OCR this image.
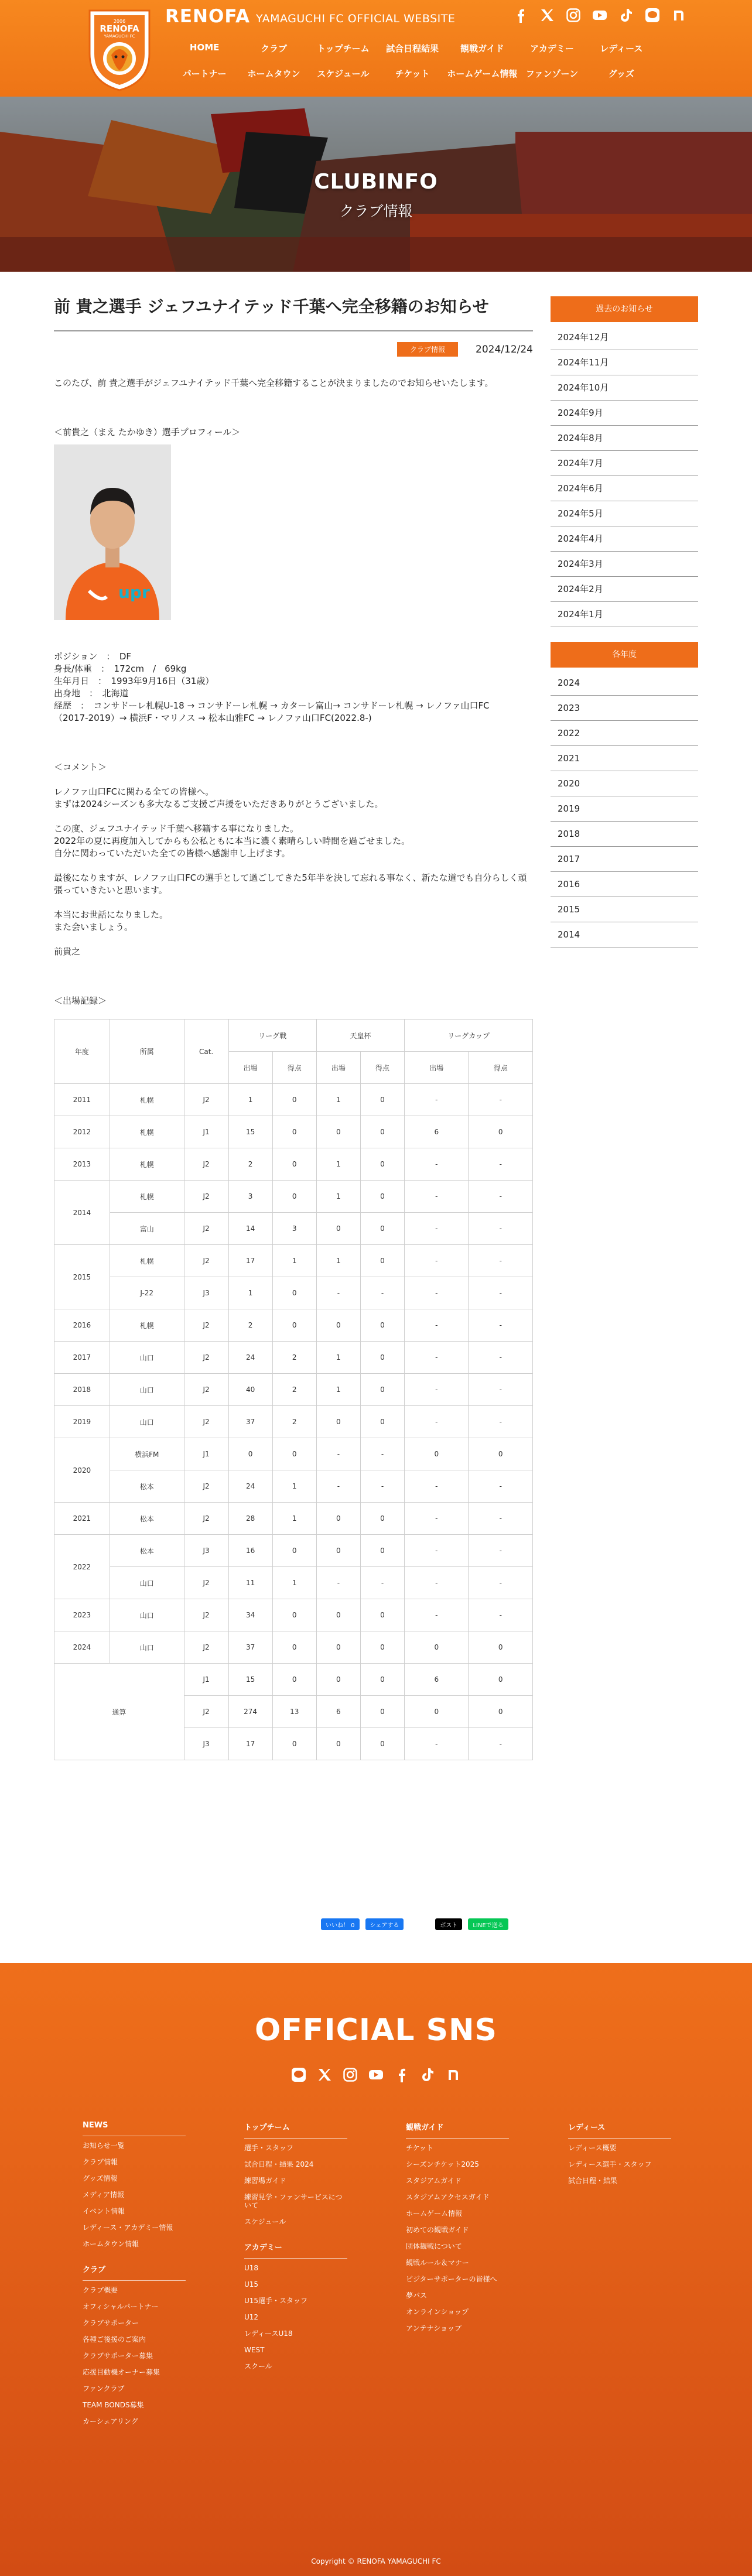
2006
RENOFA
YAMAGUCHI FC
RENOFA YAMAGUCHI FC OFFICIAL WEBSITE
HOME	クラブ	トップチーム	試合日程結果	観戦ガイド	アカデミー	レディース
パートナー	ホームタウン	スケジュール	チケット	ホームゲーム情報 ファンゾーン	グッズ
CLUBINFO
クラブ情報
前 貴之選手 ジェフユナイテッド千葉へ完全移籍のお知らせ
クラブ情報	2024/12/24

このたび、前 貴之選手がジェフユナイテッド千葉へ完全移籍することが決まりましたのでお知らせいたします。

＜前貴之（まえ たかゆき）選手プロフィール＞

upr

ポジション　：　DF

身長/体重　：　172cm　/　69kg

生年月日　：　1993年9月16日（31歳）

出身地　：　北海道

経歴　：　コンサドーレ札幌U-18 → コンサドーレ札幌 → カターレ富山→ コンサドーレ札幌 → レノファ山口FC

（2017-2019）→ 横浜F・マリノス → 松本山雅FC → レノファ山口FC(2022.8-)

＜コメント＞

レノファ山口FCに関わる全ての皆様へ。

まずは2024シーズンも多大なるご支援ご声援をいただきありがとうございました。

この度、ジェフユナイテッド千葉へ移籍する事になりました。

2022年の夏に再度加入してからも公私ともに本当に濃く素晴らしい時間を過ごせました。

自分に関わっていただいた全ての皆様へ感謝申し上げます。

最後になりますが、レノファ山口FCの選手として過ごしてきた5年半を決して忘れる事なく、新たな道でも自分らしく頑張っていきたいと思います。

本当にお世話になりました。

また会いましょう。

前貴之

＜出場記録＞

年度	所属	Cat.	リーグ戦		天皇杯		リーグカップ	
			出場	得点	出場	得点	出場	得点
2011	札幌	J2	1	0	1	0	-	-
2012	札幌	J1	15	0	0	0	6	0
2013	札幌	J2	2	0	1	0	-	-
2014	札幌	J2	3	0	1	0	-	-
	富山	J2	14	3	0	0	-	-
2015	札幌	J2	17	1	1	0	-	-
	J-22	J3	1	0	-	-	-	-
2016	札幌	J2	2	0	0	0	-	-
2017	山口	J2	24	2	1	0	-	-
2018	山口	J2	40	2	1	0	-	-
2019	山口	J2	37	2	0	0	-	-
2020	横浜FM	J1	0	0	-	-	0	0
	松本	J2	24	1	-	-	-	-
2021	松本	J2	28	1	0	0	-	-
2022	松本	J3	16	0	0	0	-	-
	山口	J2	11	1	-	-	-	-
2023	山口	J2	34	0	0	0	-	-
2024	山口	J2	37	0	0	0	0	0
通算		J1	15	0	0	0	6	0
		J2	274	13	6	0	0	0
		J3	17	0	0	0	-	-
いいね！ 0	シェアする	ポスト	LINEで送る
過去のお知らせ
2024年12月
2024年11月
2024年10月
2024年9月
2024年8月
2024年7月
2024年6月
2024年5月
2024年4月
2024年3月
2024年2月
2024年1月
各年度
2024
2023
2022
2021
2020
2019
2018
2017
2016
2015
2014
OFFICIAL SNS
NEWS
お知らせ一覧
クラブ情報
グッズ情報
メディア情報
イベント情報
レディース・アカデミー情報
ホームタウン情報
クラブ
クラブ概要
オフィシャルパートナー
クラブサポーター
各種ご後援のご案内
クラブサポーター募集
応援目動機オーナー募集
ファンクラブ
TEAM BONDS募集
カーシェアリング
トップチーム
選手・スタッフ
試合日程・結果 2024
練習場ガイド
練習見学・ファンサービスについて
スケジュール
アカデミー
U18
U15
U15選手・スタッフ
U12
レディースU18
WEST
スクール
観戦ガイド
チケット
シーズンチケット2025
スタジアムガイド
スタジアムアクセスガイド
ホームゲーム情報
初めての観戦ガイド
団体観戦について
観戦ルール＆マナー
ビジターサポーターの皆様へ
夢バス
オンラインショップ
アンテナショップ
レディース
レディース概要
レディース選手・スタッフ
試合日程・結果
Copyright © RENOFA YAMAGUCHI FC
